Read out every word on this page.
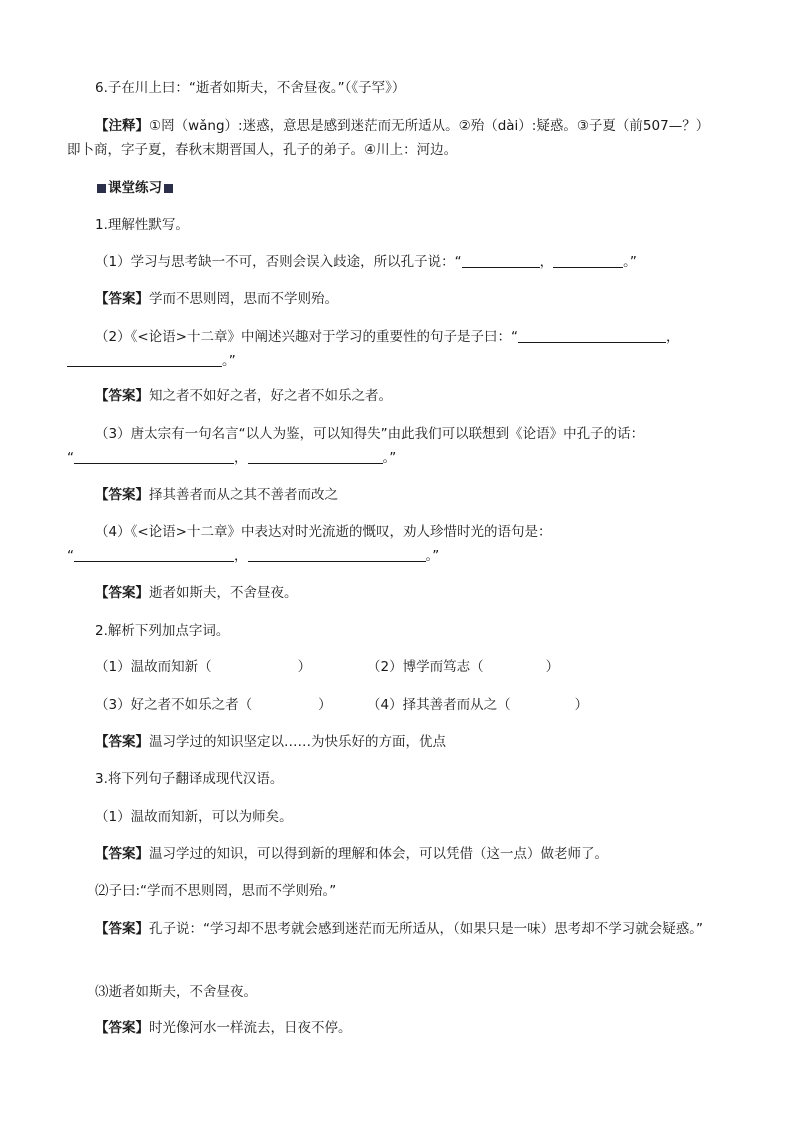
6.子在川上曰：“逝者如斯夫，不舍昼夜。”（《子罕》）
【注释】①罔（wǎng）:迷惑，意思是感到迷茫而无所适从。②殆（dài）:疑惑。③子夏（前507—？）
即卜商，字子夏，春秋末期晋国人，孔子的弟子。④川上：河边。
课堂练习
1.理解性默写。
（1）学习与思考缺一不可，否则会误入歧途，所以孔子说：“	，	。”
【答案】学而不思则罔，思而不学则殆。
（2）《<论语>十二章》中阐述兴趣对于学习的重要性的句子是子曰：“	，
。”
【答案】知之者不如好之者，好之者不如乐之者。
（3）唐太宗有一句名言“以人为鉴，可以知得失”由此我们可以联想到《论语》中孔子的话：
“	，	。”
【答案】择其善者而从之其不善者而改之
（4）《<论语>十二章》中表达对时光流逝的慨叹，劝人珍惜时光的语句是：
“	，	。”
【答案】逝者如斯夫，不舍昼夜。
2.解析下列加点字词。
（1）温故而知新（	）	（2）博学而笃志（	）
（3）好之者不如乐之者（	）	（4）择其善者而从之（	）
【答案】温习学过的知识坚定以……为快乐好的方面，优点
3.将下列句子翻译成现代汉语。
（1）温故而知新，可以为师矣。
【答案】温习学过的知识，可以得到新的理解和体会，可以凭借（这一点）做老师了。
⑵子曰:“学而不思则罔，思而不学则殆。”
【答案】孔子说：“学习却不思考就会感到迷茫而无所适从，（如果只是一味）思考却不学习就会疑惑。”
⑶逝者如斯夫，不舍昼夜。
【答案】时光像河水一样流去，日夜不停。
